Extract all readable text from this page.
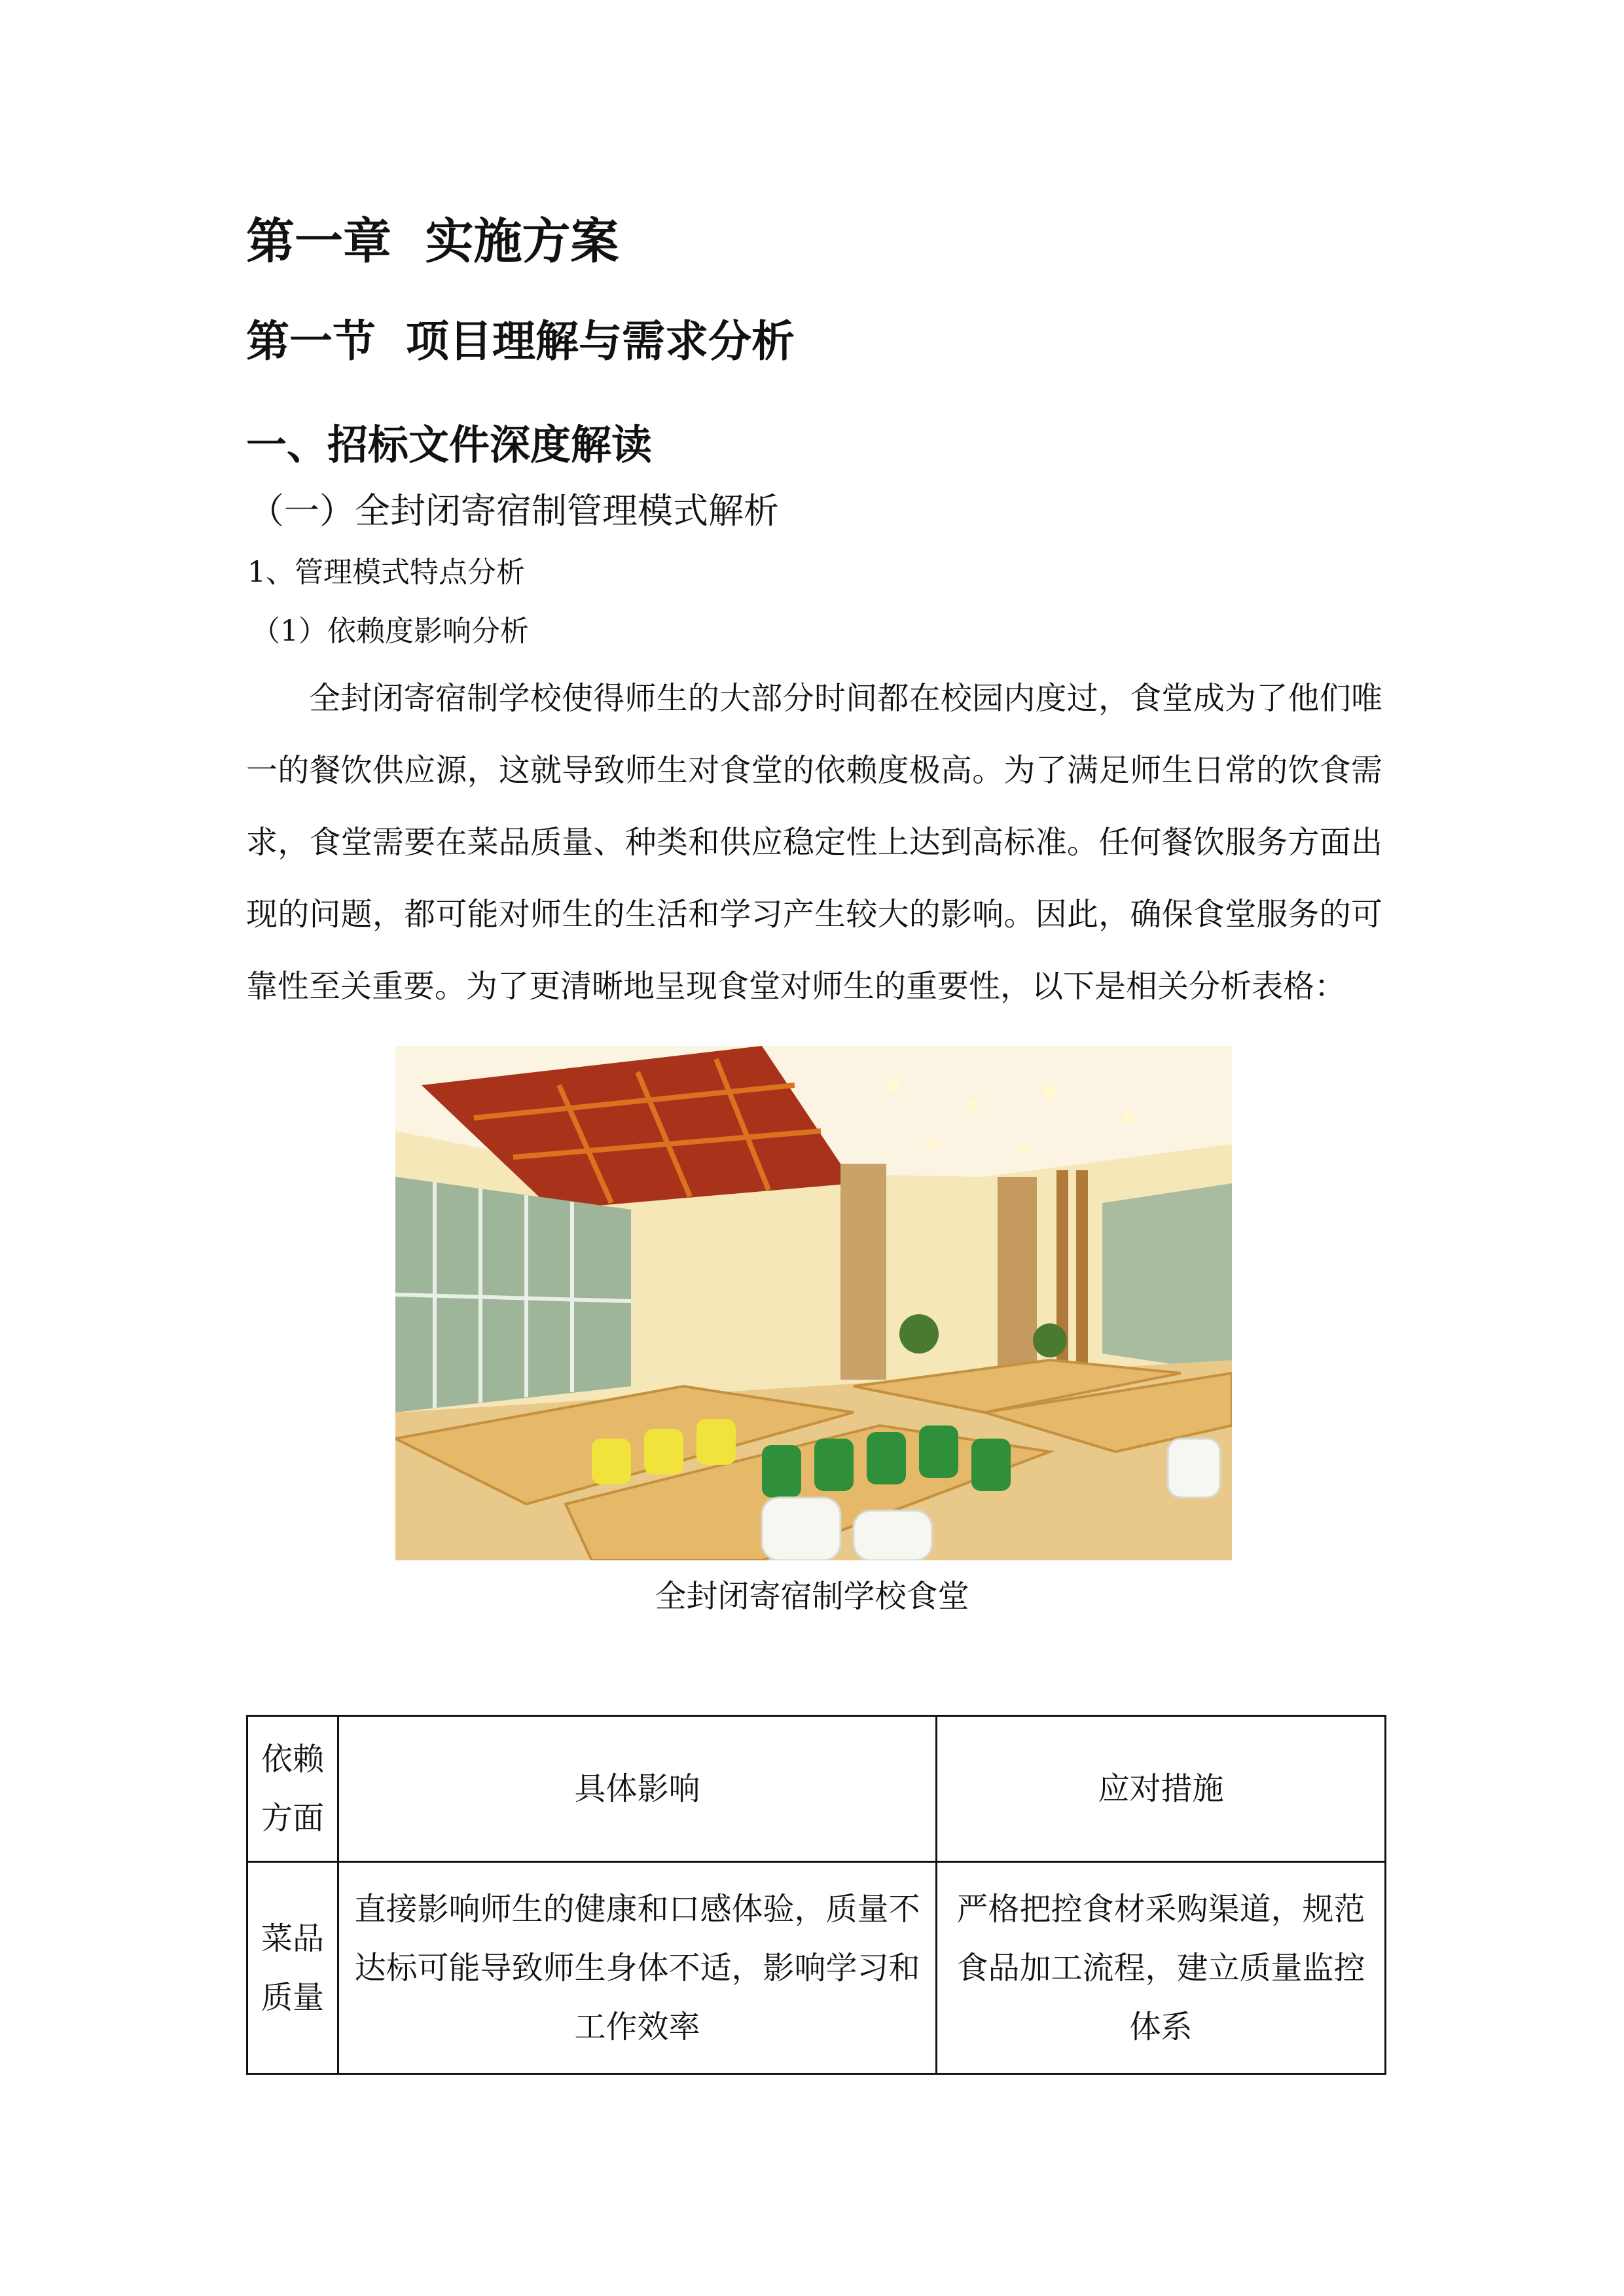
第一章  实施方案
第一节  项目理解与需求分析
一、招标文件深度解读
（一）全封闭寄宿制管理模式解析
1、管理模式特点分析
（1）依赖度影响分析
全封闭寄宿制学校使得师生的大部分时间都在校园内度过，食堂成为了他们唯一的餐饮供应源，这就导致师生对食堂的依赖度极高。为了满足师生日常的饮食需求，食堂需要在菜品质量、种类和供应稳定性上达到高标准。任何餐饮服务方面出现的问题，都可能对师生的生活和学习产生较大的影响。因此，确保食堂服务的可靠性至关重要。为了更清晰地呈现食堂对师生的重要性，以下是相关分析表格：
全封闭寄宿制学校食堂
依赖方面	具体影响	应对措施
菜品质量	直接影响师生的健康和口感体验，质量不达标可能导致师生身体不适，影响学习和工作效率	严格把控食材采购渠道，规范食品加工流程，建立质量监控体系
